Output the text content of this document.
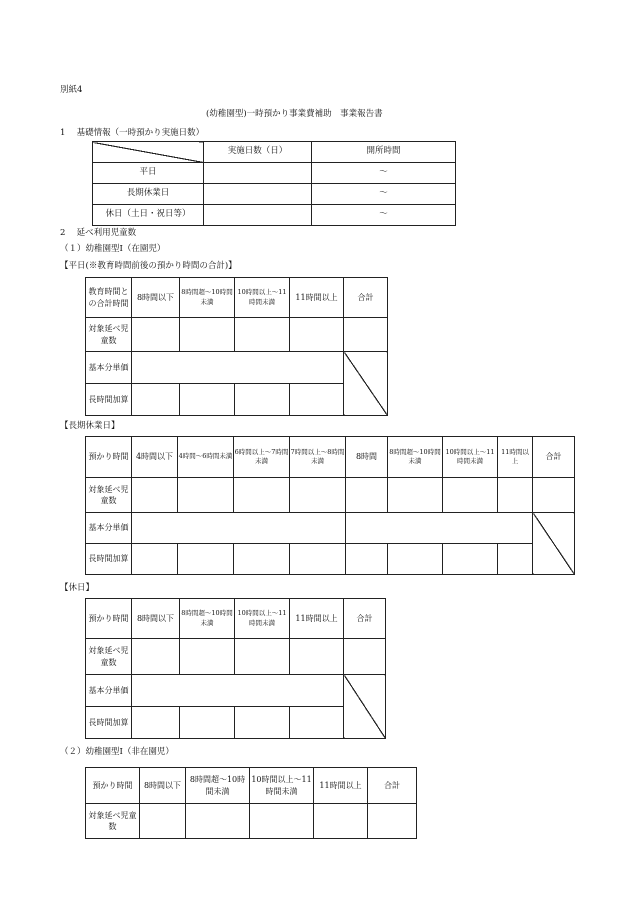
別紙4
(幼稚園型)一時預かり事業費補助　事業報告書
1　 基礎情報（一時預かり実施日数）
	実施日数（日）	開所時間
平日		～
長期休業日		～
休日（土日・祝日等）		～
2　 延べ利用児童数
（１）幼稚園型Ⅰ（在園児）
【平日(※教育時間前後の預かり時間の合計)】
教育時間との合計時間	8時間以下	8時間超～10時間未満	10時間以上～11時間未満	11時間以上	合計
対象延べ児童数					
基本分単価					
長時間加算					
【長期休業日】
預かり時間	4時間以下	4時間～6時間未満	6時間以上～7時間未満	7時間以上～8時間未満	8時間	8時間超～10時間未満	10時間以上～11時間未満	11時間以上	合計
対象延べ児童数									
基本分単価									
長時間加算									
【休日】
預かり時間	8時間以下	8時間超～10時間未満	10時間以上～11時間未満	11時間以上	合計
対象延べ児童数					
基本分単価					
長時間加算					
（２）幼稚園型Ⅰ（非在園児）
預かり時間	8時間以下	8時間超～10時間未満	10時間以上～11時間未満	11時間以上	合計
対象延べ児童数					
